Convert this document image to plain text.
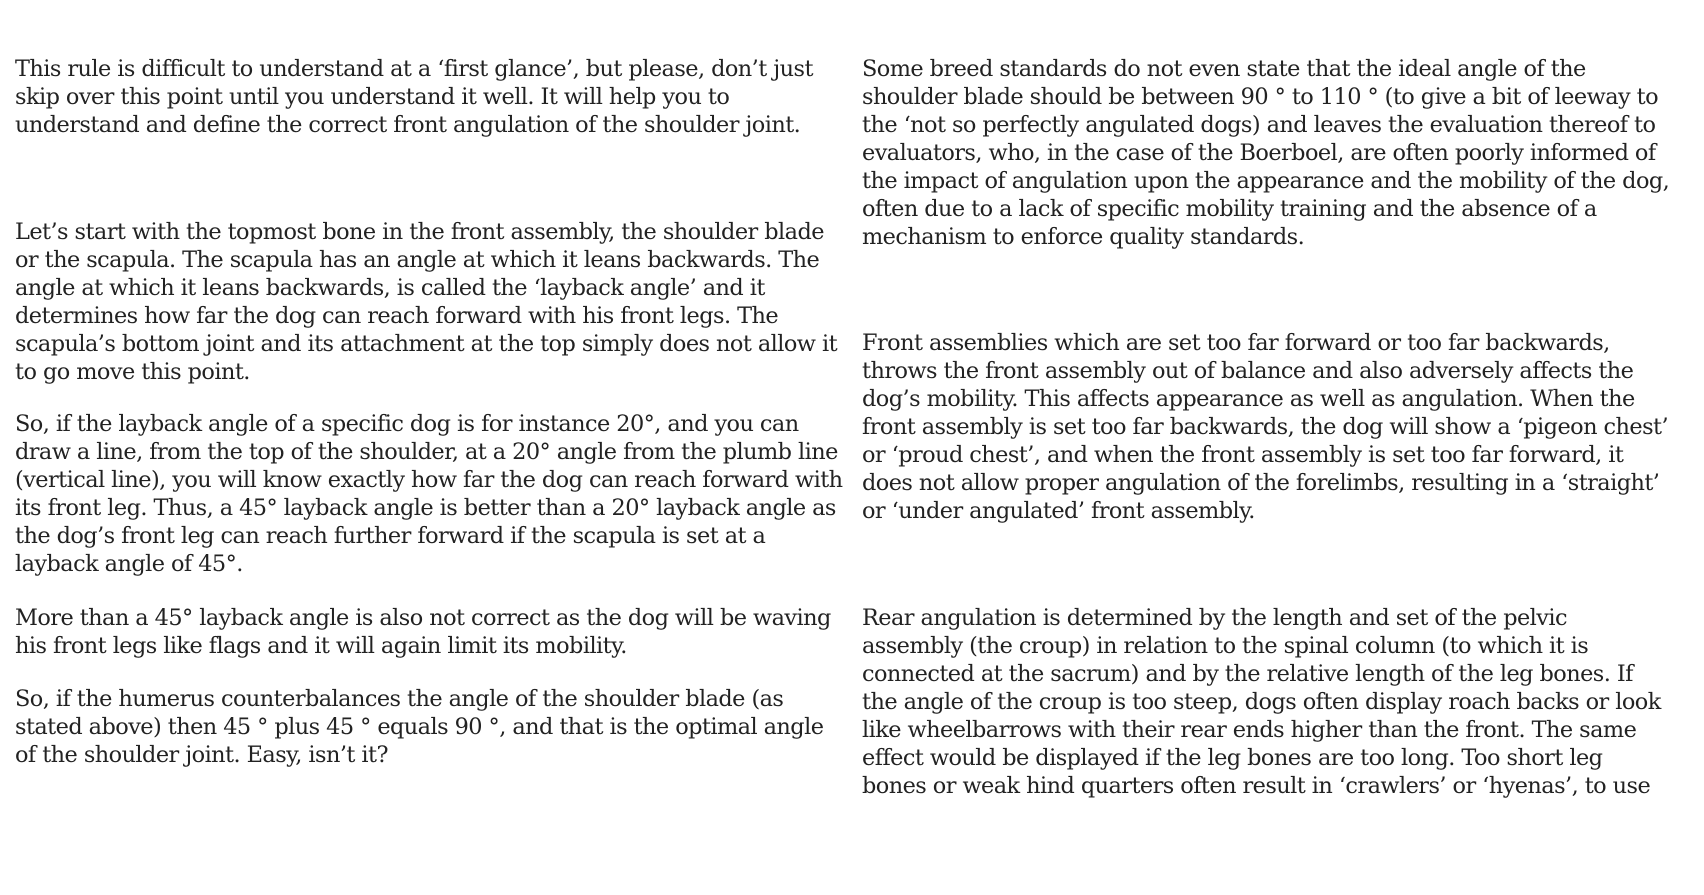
This rule is difficult to understand at a ‘first glance’, but please, don’t just skip over this point until you understand it well. It will help you to understand and define the correct front angulation of the shoulder joint.

Let’s start with the topmost bone in the front assembly, the shoulder blade or the scapula. The scapula has an angle at which it leans backwards. The angle at which it leans backwards, is called the ‘layback angle’ and it determines how far the dog can reach forward with his front legs. The scapula’s bottom joint and its attachment at the top simply does not allow it to go move this point.

So, if the layback angle of a specific dog is for instance 20°, and you can draw a line, from the top of the shoulder, at a 20° angle from the plumb line (vertical line), you will know exactly how far the dog can reach forward with its front leg. Thus, a 45° layback angle is better than a 20° layback angle as the dog’s front leg can reach further forward if the scapula is set at a layback angle of 45°.

More than a 45° layback angle is also not correct as the dog will be waving his front legs like flags and it will again limit its mobility.

So, if the humerus counterbalances the angle of the shoulder blade (as stated above) then 45 ° plus 45 ° equals 90 °, and that is the optimal angle of the shoulder joint. Easy, isn’t it?

Some breed standards do not even state that the ideal angle of the shoulder blade should be between 90 ° to 110 ° (to give a bit of leeway to the ‘not so perfectly angulated dogs) and leaves the evaluation thereof to evaluators, who, in the case of the Boerboel, are often poorly informed of the impact of angulation upon the appearance and the mobility of the dog, often due to a lack of specific mobility training and the absence of a mechanism to enforce quality standards.

Front assemblies which are set too far forward or too far backwards, throws the front assembly out of balance and also adversely affects the dog’s mobility. This affects appearance as well as angulation. When the front assembly is set too far backwards, the dog will show a ‘pigeon chest’ or ‘proud chest’, and when the front assembly is set too far forward, it does not allow proper angulation of the forelimbs, resulting in a ‘straight’ or ‘under angulated’ front assembly.

Rear angulation is determined by the length and set of the pelvic assembly (the croup) in relation to the spinal column (to which it is connected at the sacrum) and by the relative length of the leg bones. If the angle of the croup is too steep, dogs often display roach backs or look like wheelbarrows with their rear ends higher than the front. The same effect would be displayed if the leg bones are too long. Too short leg bones or weak hind quarters often result in ‘crawlers’ or ‘hyenas’, to use
